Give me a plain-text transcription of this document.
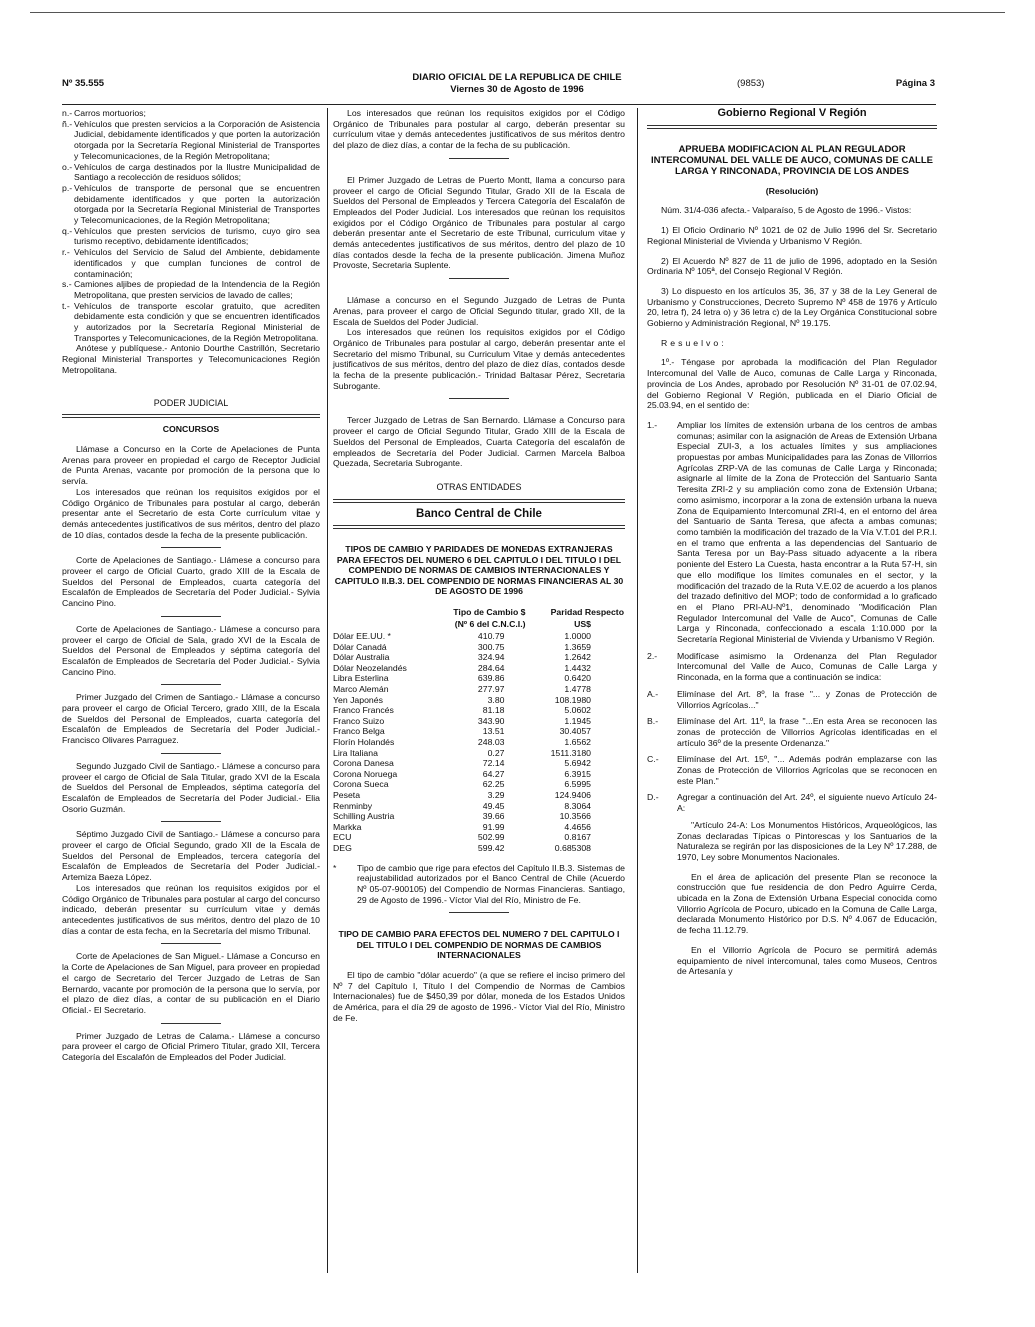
Nº 35.555
DIARIO OFICIAL DE LA REPUBLICA DE CHILE
Viernes 30 de Agosto de 1996
(9853)	Página 3
n.- Carros mortuorios;
ñ.- Vehículos que presten servicios a la Corporación de Asistencia Judicial, debidamente identificados y que porten la autorización otorgada por la Secretaría Regional Ministerial de Transportes y Telecomunicaciones, de la Región Metropolitana;
o.- Vehículos de carga destinados por la Ilustre Municipalidad de Santiago a recolección de residuos sólidos;
p.- Vehículos de transporte de personal que se encuentren debidamente identificados y que porten la autorización otorgada por la Secretaría Regional Ministerial de Transportes y Telecomunicaciones, de la Región Metropolitana;
q.- Vehículos que presten servicios de turismo, cuyo giro sea turismo receptivo, debidamente identificados;
r.- Vehículos del Servicio de Salud del Ambiente, debidamente identificados y que cumplan funciones de control de contaminación;
s.- Camiones aljibes de propiedad de la Intendencia de la Región Metropolitana, que presten servicios de lavado de calles;
t.- Vehículos de transporte escolar gratuito, que acrediten debidamente esta condición y que se encuentren identificados y autorizados por la Secretaría Regional Ministerial de Transportes y Telecomunicaciones, de la Región Metropolitana.

Anótese y publíquese.- Antonio Dourthe Castrillón, Secretario Regional Ministerial Transportes y Telecomunicaciones Región Metropolitana.

PODER JUDICIAL
CONCURSOS

Llámase a Concurso en la Corte de Apelaciones de Punta Arenas para proveer en propiedad el cargo de Receptor Judicial de Punta Arenas, vacante por promoción de la persona que lo servía.

Los interesados que reúnan los requisitos exigidos por el Código Orgánico de Tribunales para postular al cargo, deberán presentar ante el Secretario de esta Corte currículum vitae y demás antecedentes justificativos de sus méritos, dentro del plazo de 10 días, contados desde la fecha de la presente publicación.

Corte de Apelaciones de Santiago.- Llámese a concurso para proveer el cargo de Oficial Cuarto, grado XIII de la Escala de Sueldos del Personal de Empleados, cuarta categoría del Escalafón de Empleados de Secretaría del Poder Judicial.- Sylvia Cancino Pino.

Corte de Apelaciones de Santiago.- Llámese a concurso para proveer el cargo de Oficial de Sala, grado XVI de la Escala de Sueldos del Personal de Empleados y séptima categoría del Escalafón de Empleados de Secretaría del Poder Judicial.- Sylvia Cancino Pino.

Primer Juzgado del Crimen de Santiago.- Llámase a concurso para proveer el cargo de Oficial Tercero, grado XIII, de la Escala de Sueldos del Personal de Empleados, cuarta categoría del Escalafón de Empleados de Secretaría del Poder Judicial.- Francisco Olivares Parraguez.

Segundo Juzgado Civil de Santiago.- Llámese a concurso para proveer el cargo de Oficial de Sala Titular, grado XVI de la Escala de Sueldos del Personal de Empleados, séptima categoría del Escalafón de Empleados de Secretaría del Poder Judicial.- Elia Osorio Guzmán.

Séptimo Juzgado Civil de Santiago.- Llámese a concurso para proveer el cargo de Oficial Segundo, grado XII de la Escala de Sueldos del Personal de Empleados, tercera categoría del Escalafón de Empleados de Secretaría del Poder Judicial.- Artemiza Baeza López.

Los interesados que reúnan los requisitos exigidos por el Código Orgánico de Tribunales para postular al cargo del concurso indicado, deberán presentar su currículum vitae y demás antecedentes justificativos de sus méritos, dentro del plazo de 10 días a contar de esta fecha, en la Secretaría del mismo Tribunal.

Corte de Apelaciones de San Miguel.- Llámase a Concurso en la Corte de Apelaciones de San Miguel, para proveer en propiedad el cargo de Secretario del Tercer Juzgado de Letras de San Bernardo, vacante por promoción de la persona que lo servía, por el plazo de diez días, a contar de su publicación en el Diario Oficial.- El Secretario.

Primer Juzgado de Letras de Calama.- Llámese a concurso para proveer el cargo de Oficial Primero Titular, grado XII, Tercera Categoría del Escalafón de Empleados del Poder Judicial.

Los interesados que reúnan los requisitos exigidos por el Código Orgánico de Tribunales para postular al cargo, deberán presentar su currículum vitae y demás antecedentes justificativos de sus méritos dentro del plazo de diez días, a contar de la fecha de su publicación.

El Primer Juzgado de Letras de Puerto Montt, llama a concurso para proveer el cargo de Oficial Segundo Titular, Grado XII de la Escala de Sueldos del Personal de Empleados y Tercera Categoría del Escalafón de Empleados del Poder Judicial. Los interesados que reúnan los requisitos exigidos por el Código Orgánico de Tribunales para postular al cargo deberán presentar ante el Secretario de este Tribunal, curriculum vitae y demás antecedentes justificativos de sus méritos, dentro del plazo de 10 días contados desde la fecha de la presente publicación. Jimena Muñoz Provoste, Secretaria Suplente.

Llámase a concurso en el Segundo Juzgado de Letras de Punta Arenas, para proveer el cargo de Oficial Segundo titular, grado XII, de la Escala de Sueldos del Poder Judicial.

Los interesados que reúnen los requisitos exigidos por el Código Orgánico de Tribunales para postular al cargo, deberán presentar ante el Secretario del mismo Tribunal, su Curriculum Vitae y demás antecedentes justificativos de sus méritos, dentro del plazo de diez días, contados desde la fecha de la presente publicación.- Trinidad Baltasar Pérez, Secretaria Subrogante.

Tercer Juzgado de Letras de San Bernardo. Llámase a Concurso para proveer el cargo de Oficial Segundo Titular, Grado XIII de la Escala de Sueldos del Personal de Empleados, Cuarta Categoría del escalafón de empleados de Secretaría del Poder Judicial. Carmen Marcela Balboa Quezada, Secretaria Subrogante.

OTRAS ENTIDADES
Banco Central de Chile
TIPOS DE CAMBIO Y PARIDADES DE MONEDAS EXTRANJERAS PARA EFECTOS DEL NUMERO 6 DEL CAPITULO I DEL TITULO I DEL COMPENDIO DE NORMAS DE CAMBIOS INTERNACIONALES Y CAPITULO II.B.3. DEL COMPENDIO DE NORMAS FINANCIERAS AL 30 DE AGOSTO DE 1996
	Tipo de Cambio $	Paridad Respecto
	(Nº 6 del C.N.C.I.)	US$
Dólar EE.UU. *	410.79	1.0000
Dólar Canadá	300.75	1.3659
Dólar Australia	324.94	1.2642
Dólar Neozelandés	284.64	1.4432
Libra Esterlina	639.86	0.6420
Marco Alemán	277.97	1.4778
Yen Japonés	3.80	108.1980
Franco Francés	81.18	5.0602
Franco Suizo	343.90	1.1945
Franco Belga	13.51	30.4057
Florín Holandés	248.03	1.6562
Lira Italiana	0.27	1511.3180
Corona Danesa	72.14	5.6942
Corona Noruega	64.27	6.3915
Corona Sueca	62.25	6.5995
Peseta	3.29	124.9406
Renminby	49.45	8.3064
Schilling Austria	39.66	10.3566
Markka	91.99	4.4656
ECU	502.99	0.8167
DEG	599.42	0.685308
*	Tipo de cambio que rige para efectos del Capítulo II.B.3. Sistemas de reajustabilidad autorizados por el Banco Central de Chile (Acuerdo Nº 05-07-900105) del Compendio de Normas Financieras. Santiago, 29 de Agosto de 1996.- Víctor Vial del Río, Ministro de Fe.
TIPO DE CAMBIO PARA EFECTOS DEL NUMERO 7 DEL CAPITULO I DEL TITULO I DEL COMPENDIO DE NORMAS DE CAMBIOS INTERNACIONALES

El tipo de cambio "dólar acuerdo" (a que se refiere el inciso primero del Nº 7 del Capítulo I, Título I del Compendio de Normas de Cambios Internacionales) fue de $450,39 por dólar, moneda de los Estados Unidos de América, para el día 29 de agosto de 1996.- Víctor Vial del Río, Ministro de Fe.

Gobierno Regional V Región
APRUEBA MODIFICACION AL PLAN REGULADOR INTERCOMUNAL DEL VALLE DE AUCO, COMUNAS DE CALLE LARGA Y RINCONADA, PROVINCIA DE LOS ANDES
(Resolución)

Núm. 31/4-036 afecta.- Valparaíso, 5 de Agosto de 1996.- Vistos:

1) El Oficio Ordinario Nº 1021 de 02 de Julio 1996 del Sr. Secretario Regional Ministerial de Vivienda y Urbanismo V Región.

2) El Acuerdo Nº 827 de 11 de julio de 1996, adoptado en la Sesión Ordinaria Nº 105ª, del Consejo Regional V Región.

3) Lo dispuesto en los artículos 35, 36, 37 y 38 de la Ley General de Urbanismo y Construcciones, Decreto Supremo Nº 458 de 1976 y Artículo 20, letra f), 24 letra o) y 36 letra c) de la Ley Orgánica Constitucional sobre Gobierno y Administración Regional, Nº 19.175.

Resuelvo:

1º.- Téngase por aprobada la modificación del Plan Regulador Intercomunal del Valle de Auco, comunas de Calle Larga y Rinconada, provincia de Los Andes, aprobado por Resolución Nº 31-01 de 07.02.94, del Gobierno Regional V Región, publicada en el Diario Oficial de 25.03.94, en el sentido de:

1.-	Ampliar los límites de extensión urbana de los centros de ambas comunas; asimilar con la asignación de Areas de Extensión Urbana Especial ZUI-3, a los actuales límites y sus ampliaciones propuestas por ambas Municipalidades para las Zonas de Villorrios Agrícolas ZRP-VA de las comunas de Calle Larga y Rinconada; asignarle al límite de la Zona de Protección del Santuario Santa Teresita ZRI-2 y su ampliación como zona de Extensión Urbana; como asimismo, incorporar a la zona de extensión urbana la nueva Zona de Equipamiento Intercomunal ZRI-4, en el entorno del área del Santuario de Santa Teresa, que afecta a ambas comunas; como también la modificación del trazado de la Vía V.T.01 del P.R.I. en el tramo que enfrenta a las dependencias del Santuario de Santa Teresa por un Bay-Pass situado adyacente a la ribera poniente del Estero La Cuesta, hasta encontrar a la Ruta 57-H, sin que ello modifique los límites comunales en el sector, y la modificación del trazado de la Ruta V.E.02 de acuerdo a los planos del trazado definitivo del MOP; todo de conformidad a lo graficado en el Plano PRI-AU-Nº1, denominado "Modificación Plan Regulador Intercomunal del Valle de Auco", Comunas de Calle Larga y Rinconada, confeccionado a escala 1:10.000 por la Secretaría Regional Ministerial de Vivienda y Urbanismo V Región.
2.-	Modifícase asimismo la Ordenanza del Plan Regulador Intercomunal del Valle de Auco, Comunas de Calle Larga y Rinconada, en la forma que a continuación se indica:
A.-	Elimínase del Art. 8º, la frase "... y Zonas de Protección de Villorrios Agrícolas..."
B.-	Elimínase del Art. 11º, la frase "...En esta Area se reconocen las zonas de protección de Villorrios Agrícolas identificadas en el artículo 36º de la presente Ordenanza."
C.-	Elimínase del Art. 15º, "... Además podrán emplazarse con las Zonas de Protección de Villorrios Agrícolas que se reconocen en este Plan."
D.-	Agregar a continuación del Art. 24º, el siguiente nuevo Artículo 24-A:

"Artículo 24-A: Los Monumentos Históricos, Arqueológicos, las Zonas declaradas Típicas o Pintorescas y los Santuarios de la Naturaleza se regirán por las disposiciones de la Ley Nº 17.288, de 1970, Ley sobre Monumentos Nacionales.

En el área de aplicación del presente Plan se reconoce la construcción que fue residencia de don Pedro Aguirre Cerda, ubicada en la Zona de Extensión Urbana Especial conocida como Villorrio Agrícola de Pocuro, ubicado en la Comuna de Calle Larga, declarada Monumento Histórico por D.S. Nº 4.067 de Educación, de fecha 11.12.79.

En el Villorrio Agrícola de Pocuro se permitirá además equipamiento de nivel intercomunal, tales como Museos, Centros de Artesanía y
